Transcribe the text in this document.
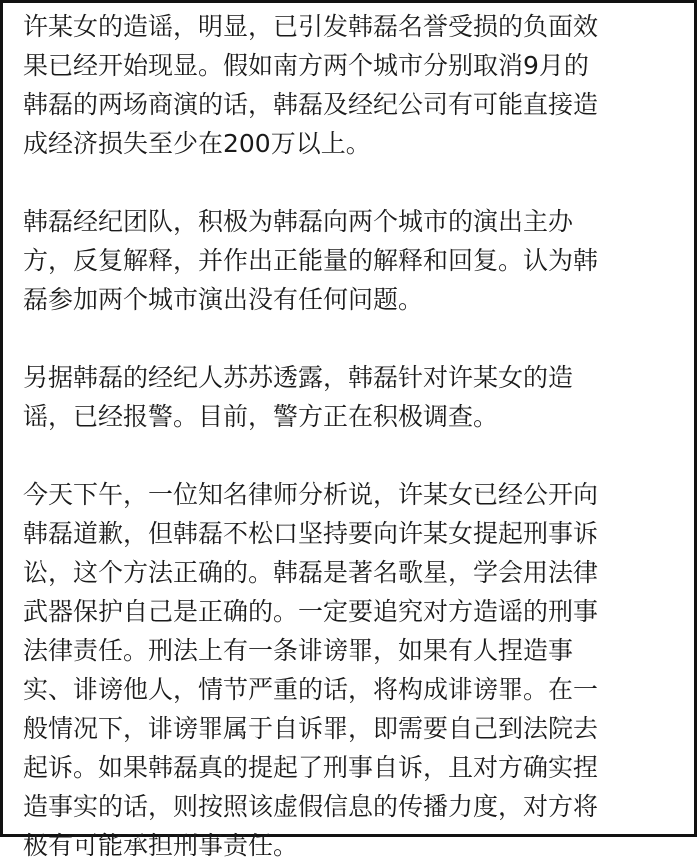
许某女的造谣，明显，已引发韩磊名誉受损的负面效
果已经开始现显。假如南方两个城市分别取消9月的
韩磊的两场商演的话，韩磊及经纪公司有可能直接造
成经济损失至少在200万以上。
韩磊经纪团队，积极为韩磊向两个城市的演出主办
方，反复解释，并作出正能量的解释和回复。认为韩
磊参加两个城市演出没有任何问题。
另据韩磊的经纪人苏苏透露，韩磊针对许某女的造
谣，已经报警。目前，警方正在积极调查。
今天下午，一位知名律师分析说，许某女已经公开向
韩磊道歉，但韩磊不松口坚持要向许某女提起刑事诉
讼，这个方法正确的。韩磊是著名歌星，学会用法律
武器保护自己是正确的。一定要追究对方造谣的刑事
法律责任。刑法上有一条诽谤罪，如果有人捏造事
实、诽谤他人，情节严重的话，将构成诽谤罪。在一
般情况下，诽谤罪属于自诉罪，即需要自己到法院去
起诉。如果韩磊真的提起了刑事自诉，且对方确实捏
造事实的话，则按照该虚假信息的传播力度，对方将
极有可能承担刑事责任。
